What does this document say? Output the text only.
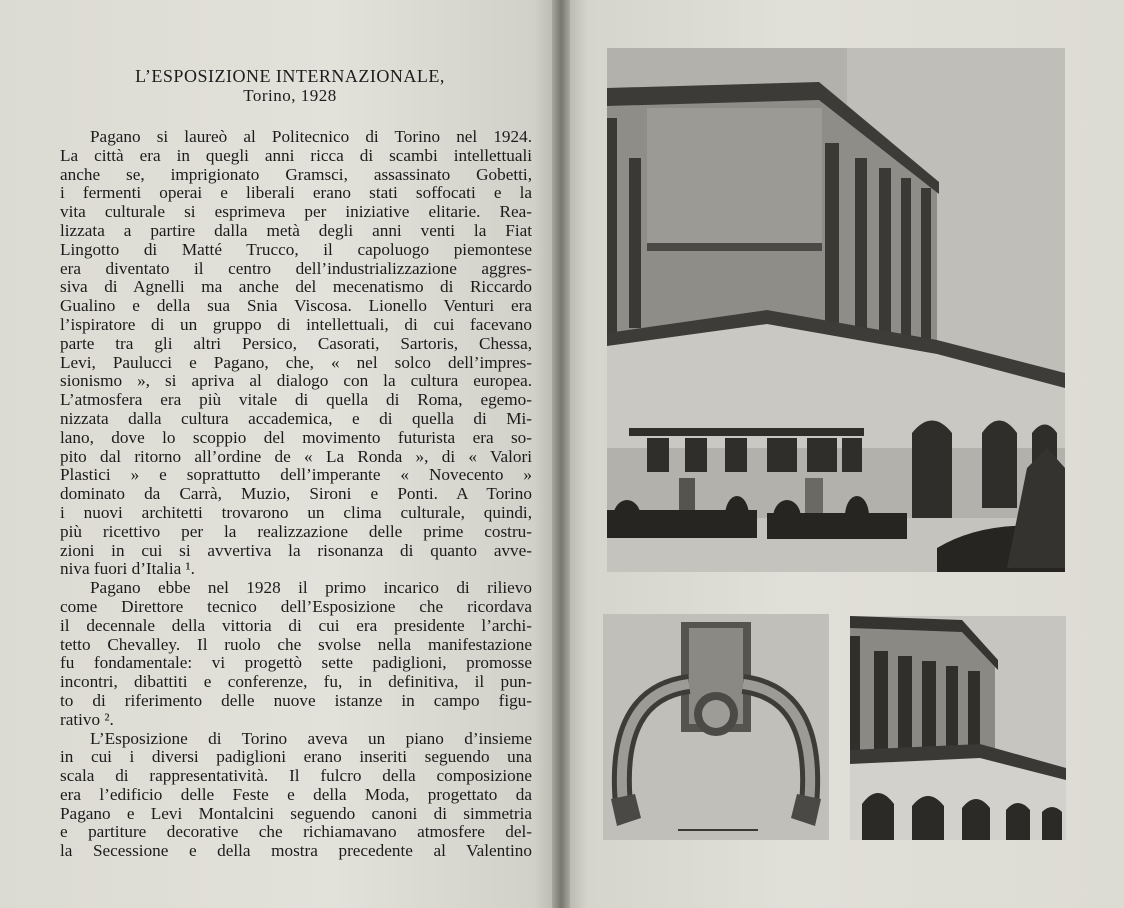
L’ESPOSIZIONE INTERNAZIONALE,
Torino, 1928
Pagano si laureò al Politecnico di Torino nel 1924.
La città era in quegli anni ricca di scambi intellettuali
anche se, imprigionato Gramsci, assassinato Gobetti,
i fermenti operai e liberali erano stati soffocati e la
vita culturale si esprimeva per iniziative elitarie. Rea-
lizzata a partire dalla metà degli anni venti la Fiat
Lingotto di Matté Trucco, il capoluogo piemontese
era diventato il centro dell’industrializzazione aggres-
siva di Agnelli ma anche del mecenatismo di Riccardo
Gualino e della sua Snia Viscosa. Lionello Venturi era
l’ispiratore di un gruppo di intellettuali, di cui facevano
parte tra gli altri Persico, Casorati, Sartoris, Chessa,
Levi, Paulucci e Pagano, che, « nel solco dell’impres-
sionismo », si apriva al dialogo con la cultura europea.
L’atmosfera era più vitale di quella di Roma, egemo-
nizzata dalla cultura accademica, e di quella di Mi-
lano, dove lo scoppio del movimento futurista era so-
pito dal ritorno all’ordine de « La Ronda », di « Valori
Plastici » e soprattutto dell’imperante « Novecento »
dominato da Carrà, Muzio, Sironi e Ponti. A Torino
i nuovi architetti trovarono un clima culturale, quindi,
più ricettivo per la realizzazione delle prime costru-
zioni in cui si avvertiva la risonanza di quanto avve-
niva fuori d’Italia ¹.
Pagano ebbe nel 1928 il primo incarico di rilievo
come Direttore tecnico dell’Esposizione che ricordava
il decennale della vittoria di cui era presidente l’archi-
tetto Chevalley. Il ruolo che svolse nella manifestazione
fu fondamentale: vi progettò sette padiglioni, promosse
incontri, dibattiti e conferenze, fu, in definitiva, il pun-
to di riferimento delle nuove istanze in campo figu-
rativo ².
L’Esposizione di Torino aveva un piano d’insieme
in cui i diversi padiglioni erano inseriti seguendo una
scala di rappresentatività. Il fulcro della composizione
era l’edificio delle Feste e della Moda, progettato da
Pagano e Levi Montalcini seguendo canoni di simmetria
e partiture decorative che richiamavano atmosfere del-
la Secessione e della mostra precedente al Valentino
